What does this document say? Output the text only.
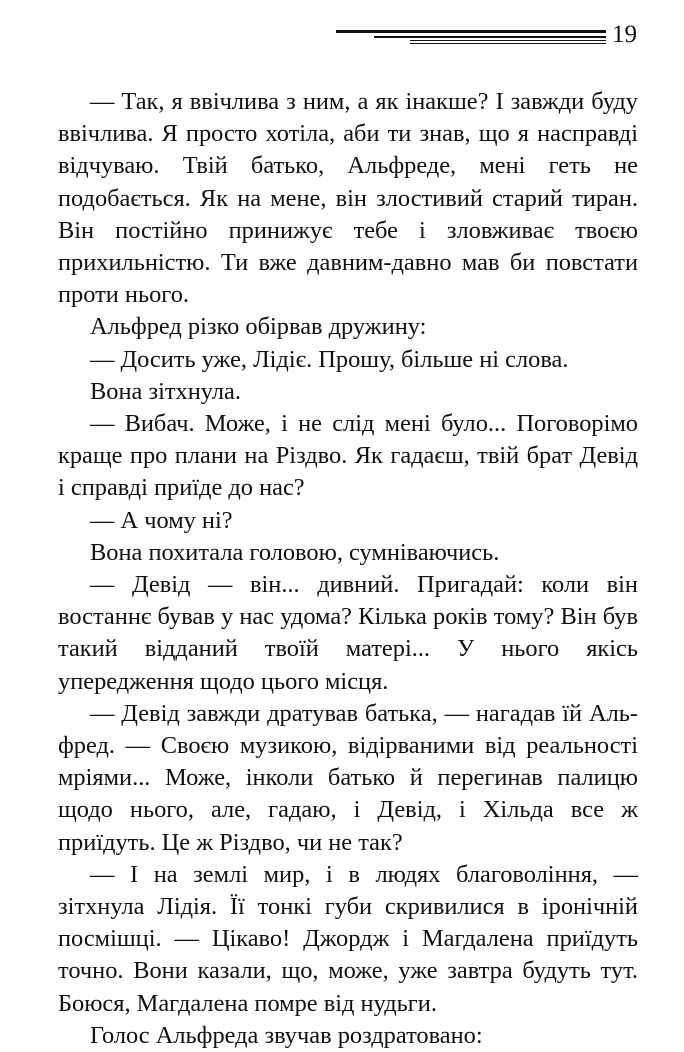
19

— Так, я ввічлива з ним, а як інакше? І завжди буду ввічлива. Я просто хотіла, аби ти знав, що я насправді відчуваю. Твій батько, Альфреде, мені геть не подобається. Як на мене, він злостивий старий тиран. Він постійно принижує тебе і зловживає твоєю прихильністю. Ти вже давним-давно мав би повстати проти нього.

Альфред різко обірвав дружину:

— Досить уже, Лідіє. Прошу, більше ні слова.

Вона зітхнула.

— Вибач. Може, і не слід мені було... Поговорімо краще про плани на Різдво. Як гадаєш, твій брат Девід і справді приїде до нас?

— А чому ні?

Вона похитала головою, сумніваючись.

— Девід — він... дивний. Пригадай: коли він востаннє бував у нас удома? Кілька років тому? Він був такий відданий твоїй матері... У нього якісь упередження щодо цього місця.

— Девід завжди дратував батька, — нагадав їй Альфред. — Своєю музикою, відірваними від реальності мріями... Може, інколи батько й перегинав палицю щодо нього, але, гадаю, і Девід, і Хільда все ж приїдуть. Це ж Різдво, чи не так?

— І на землі мир, і в людях благовоління, — зітхнула Лідія. Її тонкі губи скривилися в іронічній посмішці. — Цікаво! Джордж і Магдалена приїдуть точно. Вони казали, що, може, уже завтра будуть тут. Боюся, Магдалена помре від нудьги.

Голос Альфреда звучав роздратовано:
